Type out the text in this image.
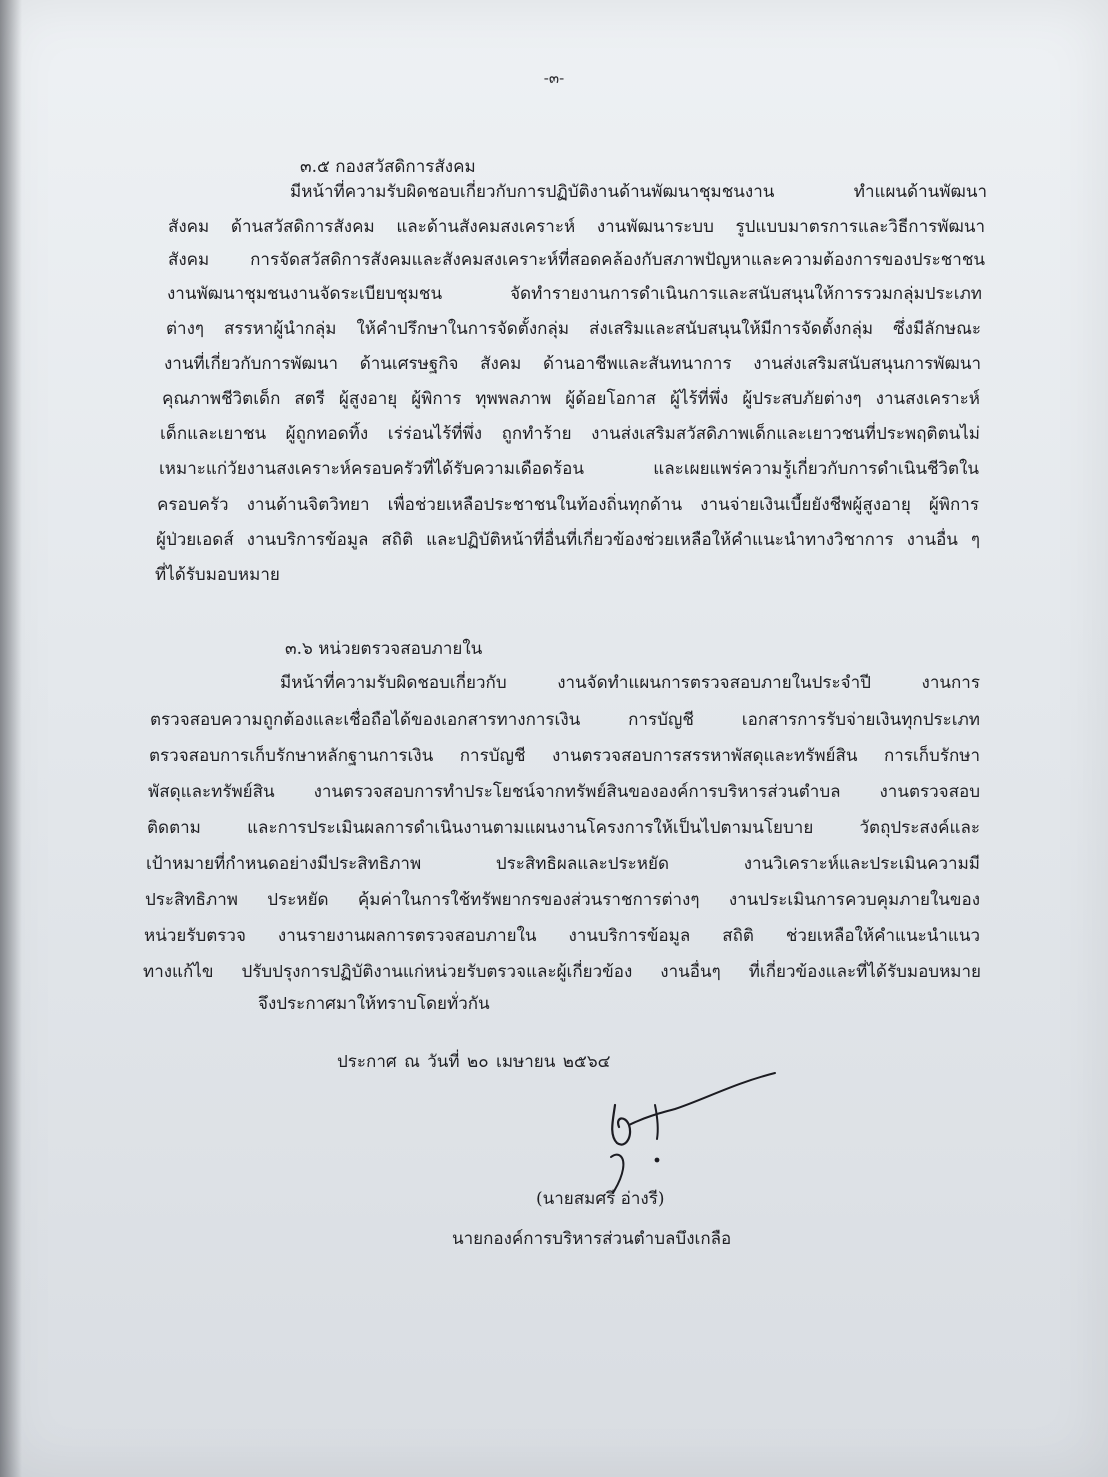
-๓-
๓.๕ กองสวัสดิการสังคม
มีหน้าที่ความรับผิดชอบเกี่ยวกับการปฏิบัติงานด้านพัฒนาชุมชนงาน ทำแผนด้านพัฒนา
สังคม ด้านสวัสดิการสังคม และด้านสังคมสงเคราะห์ งานพัฒนาระบบ รูปแบบมาตรการและวิธีการพัฒนา
สังคม การจัดสวัสดิการสังคมและสังคมสงเคราะห์ที่สอดคล้องกับสภาพปัญหาและความต้องการของประชาชน
งานพัฒนาชุมชนงานจัดระเบียบชุมชน จัดทำรายงานการดำเนินการและสนับสนุนให้การรวมกลุ่มประเภท
ต่างๆ สรรหาผู้นำกลุ่ม ให้คำปรึกษาในการจัดตั้งกลุ่ม ส่งเสริมและสนับสนุนให้มีการจัดตั้งกลุ่ม ซึ่งมีลักษณะ
งานที่เกี่ยวกับการพัฒนา ด้านเศรษฐกิจ สังคม ด้านอาชีพและสันทนาการ งานส่งเสริมสนับสนุนการพัฒนา
คุณภาพชีวิตเด็ก สตรี ผู้สูงอายุ ผู้พิการ ทุพพลภาพ ผู้ด้อยโอกาส ผู้ไร้ที่พึ่ง ผู้ประสบภัยต่างๆ งานสงเคราะห์
เด็กและเยาชน ผู้ถูกทอดทิ้ง เร่ร่อนไร้ที่พึ่ง ถูกทำร้าย งานส่งเสริมสวัสดิภาพเด็กและเยาวชนที่ประพฤติตนไม่
เหมาะแก่วัยงานสงเคราะห์ครอบครัวที่ได้รับความเดือดร้อน และเผยแพร่ความรู้เกี่ยวกับการดำเนินชีวิตใน
ครอบครัว งานด้านจิตวิทยา เพื่อช่วยเหลือประชาชนในท้องถิ่นทุกด้าน งานจ่ายเงินเบี้ยยังชีพผู้สูงอายุ ผู้พิการ
ผู้ป่วยเอดส์ งานบริการข้อมูล สถิติ และปฏิบัติหน้าที่อื่นที่เกี่ยวข้องช่วยเหลือให้คำแนะนำทางวิชาการ งานอื่น ๆ
ที่ได้รับมอบหมาย
๓.๖ หน่วยตรวจสอบภายใน
มีหน้าที่ความรับผิดชอบเกี่ยวกับ งานจัดทำแผนการตรวจสอบภายในประจำปี งานการ
ตรวจสอบความถูกต้องและเชื่อถือได้ของเอกสารทางการเงิน การบัญชี เอกสารการรับจ่ายเงินทุกประเภท
ตรวจสอบการเก็บรักษาหลักฐานการเงิน การบัญชี งานตรวจสอบการสรรหาพัสดุและทรัพย์สิน การเก็บรักษา
พัสดุและทรัพย์สิน งานตรวจสอบการทำประโยชน์จากทรัพย์สินขององค์การบริหารส่วนตำบล งานตรวจสอบ
ติดตาม และการประเมินผลการดำเนินงานตามแผนงานโครงการให้เป็นไปตามนโยบาย วัตถุประสงค์และ
เป้าหมายที่กำหนดอย่างมีประสิทธิภาพ ประสิทธิผลและประหยัด งานวิเคราะห์และประเมินความมี
ประสิทธิภาพ ประหยัด คุ้มค่าในการใช้ทรัพยากรของส่วนราชการต่างๆ งานประเมินการควบคุมภายในของ
หน่วยรับตรวจ งานรายงานผลการตรวจสอบภายใน งานบริการข้อมูล สถิติ ช่วยเหลือให้คำแนะนำแนว
ทางแก้ไข ปรับปรุงการปฏิบัติงานแก่หน่วยรับตรวจและผู้เกี่ยวข้อง งานอื่นๆ ที่เกี่ยวข้องและที่ได้รับมอบหมาย
จึงประกาศมาให้ทราบโดยทั่วกัน
ประกาศ ณ วันที่ ๒๐ เมษายน ๒๕๖๔
(นายสมศรี อ่างรี)
นายกองค์การบริหารส่วนตำบลบึงเกลือ
